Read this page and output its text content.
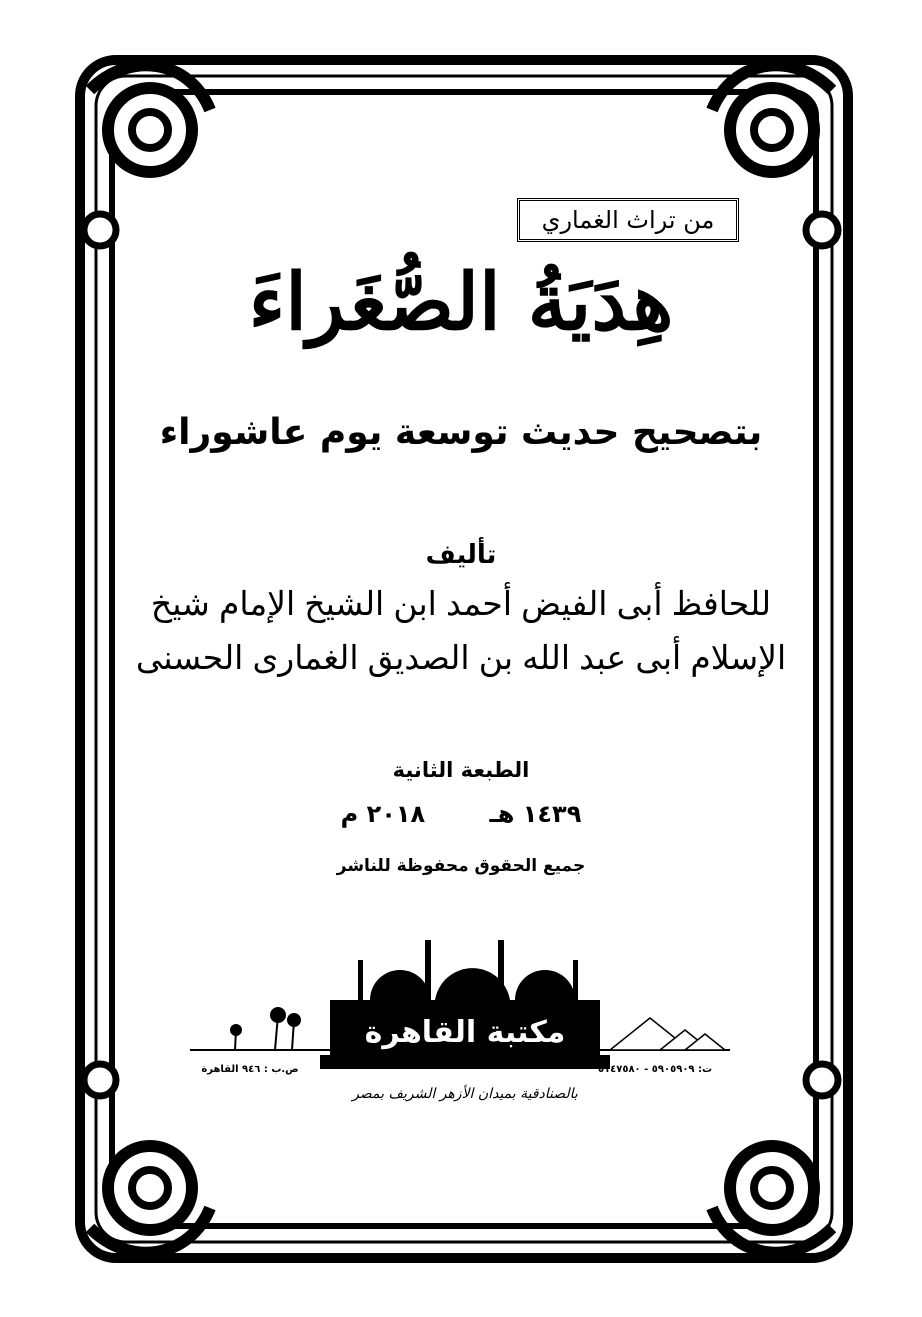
من تراث الغماري
هِدَيَةُ الصُّغَراءَ
بتصحيح حديث توسعة يوم عاشوراء
تأليف
للحافظ أبى الفيض أحمد ابن الشيخ الإمام شيخ
الإسلام أبى عبد الله بن الصديق الغمارى الحسنى
الطبعة الثانية
١٤٣٩ هـ ٢٠١٨ م
جميع الحقوق محفوظة للناشر
مكتبة القاهرة
ص.ب : ٩٤٦ القاهرة	ت: ٥٩٠٥٩٠٩ - ٥١٤٧٥٨٠
بالصنادقية بميدان الأزهر الشريف بمصر
